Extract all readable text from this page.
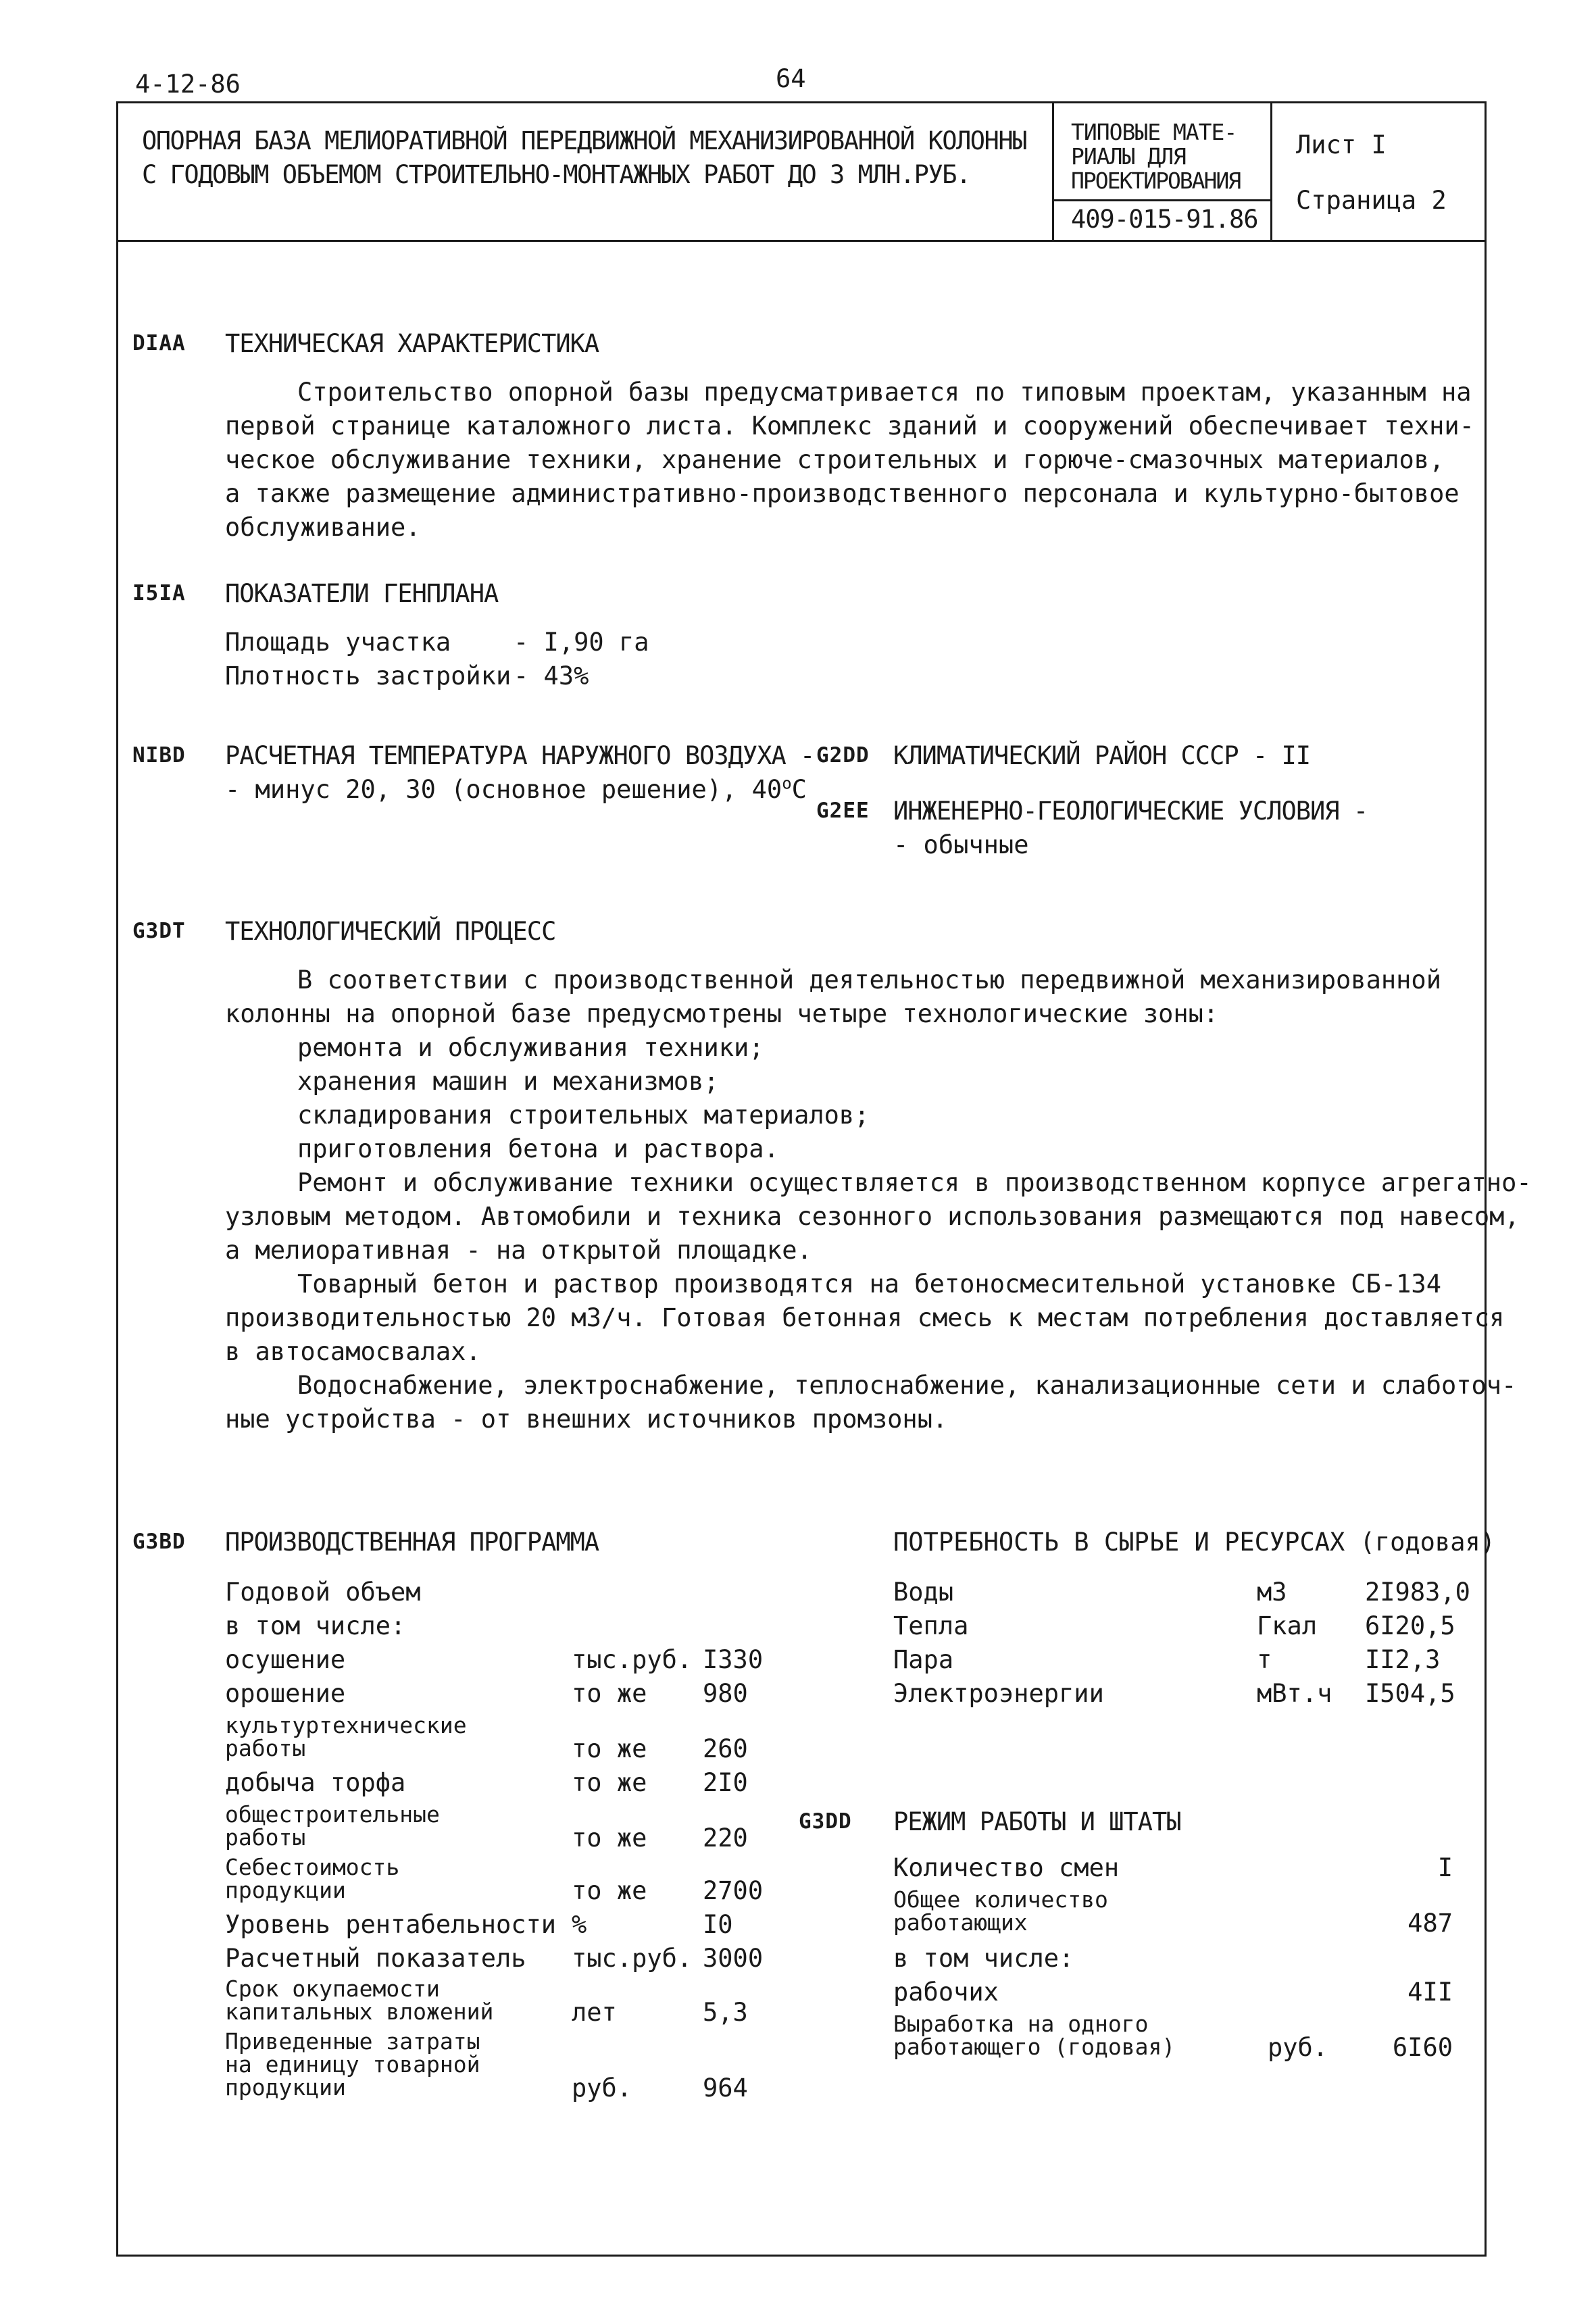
4-12-86	64
ОПОРНАЯ БАЗА МЕЛИОРАТИВНОЙ ПЕРЕДВИЖНОЙ МЕХАНИЗИРОВАННОЙ КОЛОННЫ
С ГОДОВЫМ ОБЪЕМОМ СТРОИТЕЛЬНО-МОНТАЖНЫХ РАБОТ ДО 3 МЛН.РУБ.
ТИПОВЫЕ МАТЕ-
РИАЛЫ ДЛЯ
ПРОЕКТИРОВАНИЯ
409-015-91.86
Лист I
Страница 2
DIAA ТЕХНИЧЕСКАЯ ХАРАКТЕРИСТИКА
Строительство опорной базы предусматривается по типовым проектам, указанным на
первой странице каталожного листа. Комплекс зданий и сооружений обеспечивает техни-
ческое обслуживание техники, хранение строительных и горюче-смазочных материалов,
а также размещение административно-производственного персонала и культурно-бытовое
обслуживание.
I5IA ПОКАЗАТЕЛИ ГЕНПЛАНА
Площадь участка	- I,90 га
Плотность застройки - 43%
NIBD РАСЧЕТНАЯ ТЕМПЕРАТУРА НАРУЖНОГО ВОЗДУХА -
- минус 20, 30 (основное решение), $40^оС$
G2DD КЛИМАТИЧЕСКИЙ РАЙОН СССР - II
G2EE ИНЖЕНЕРНО-ГЕОЛОГИЧЕСКИЕ УСЛОВИЯ -
- обычные
G3DT ТЕХНОЛОГИЧЕСКИЙ ПРОЦЕСС
В соответствии с производственной деятельностью передвижной механизированной
колонны на опорной базе предусмотрены четыре технологические зоны:
ремонта и обслуживания техники;
хранения машин и механизмов;
складирования строительных материалов;
приготовления бетона и раствора.
Ремонт и обслуживание техники осуществляется в производственном корпусе агрегатно-
узловым методом. Автомобили и техника сезонного использования размещаются под навесом,
а мелиоративная - на открытой площадке.
Товарный бетон и раствор производятся на бетоносмесительной установке СБ-134
производительностью 20 м3/ч. Готовая бетонная смесь к местам потребления доставляется
в автосамосвалах.
Водоснабжение, электроснабжение, теплоснабжение, канализационные сети и слаботоч-
ные устройства - от внешних источников промзоны.
G3BD ПРОИЗВОДСТВЕННАЯ ПРОГРАММА
Годовой объем
в том числе:
осушение	тыс.руб. I330
орошение	то же 980
культуртехнические
работы	то же 260
добыча торфа	то же 2I0
общестроительные
работы	то же 220
Себестоимость
продукции	то же 2700
Уровень рентабельности %	I0
Расчетный показатель тыс.руб. 3000
Срок окупаемости
капитальных вложений	лет	5,3
Приведенные затраты
на единицу товарной
продукции	руб.	964
ПОТРЕБНОСТЬ В СЫРЬЕ И РЕСУРСАХ (годовая)
Воды	м3	2I983,0
Тепла	Гкал 6I20,5
Пара	т	II2,3
Электроэнергии	мВт.ч I504,5
G3DD РЕЖИМ РАБОТЫ И ШТАТЫ
Количество смен	I
Общее количество
работающих	487
в том числе:
рабочих	4II
Выработка на одного
работающего (годовая)	руб.	6I60
